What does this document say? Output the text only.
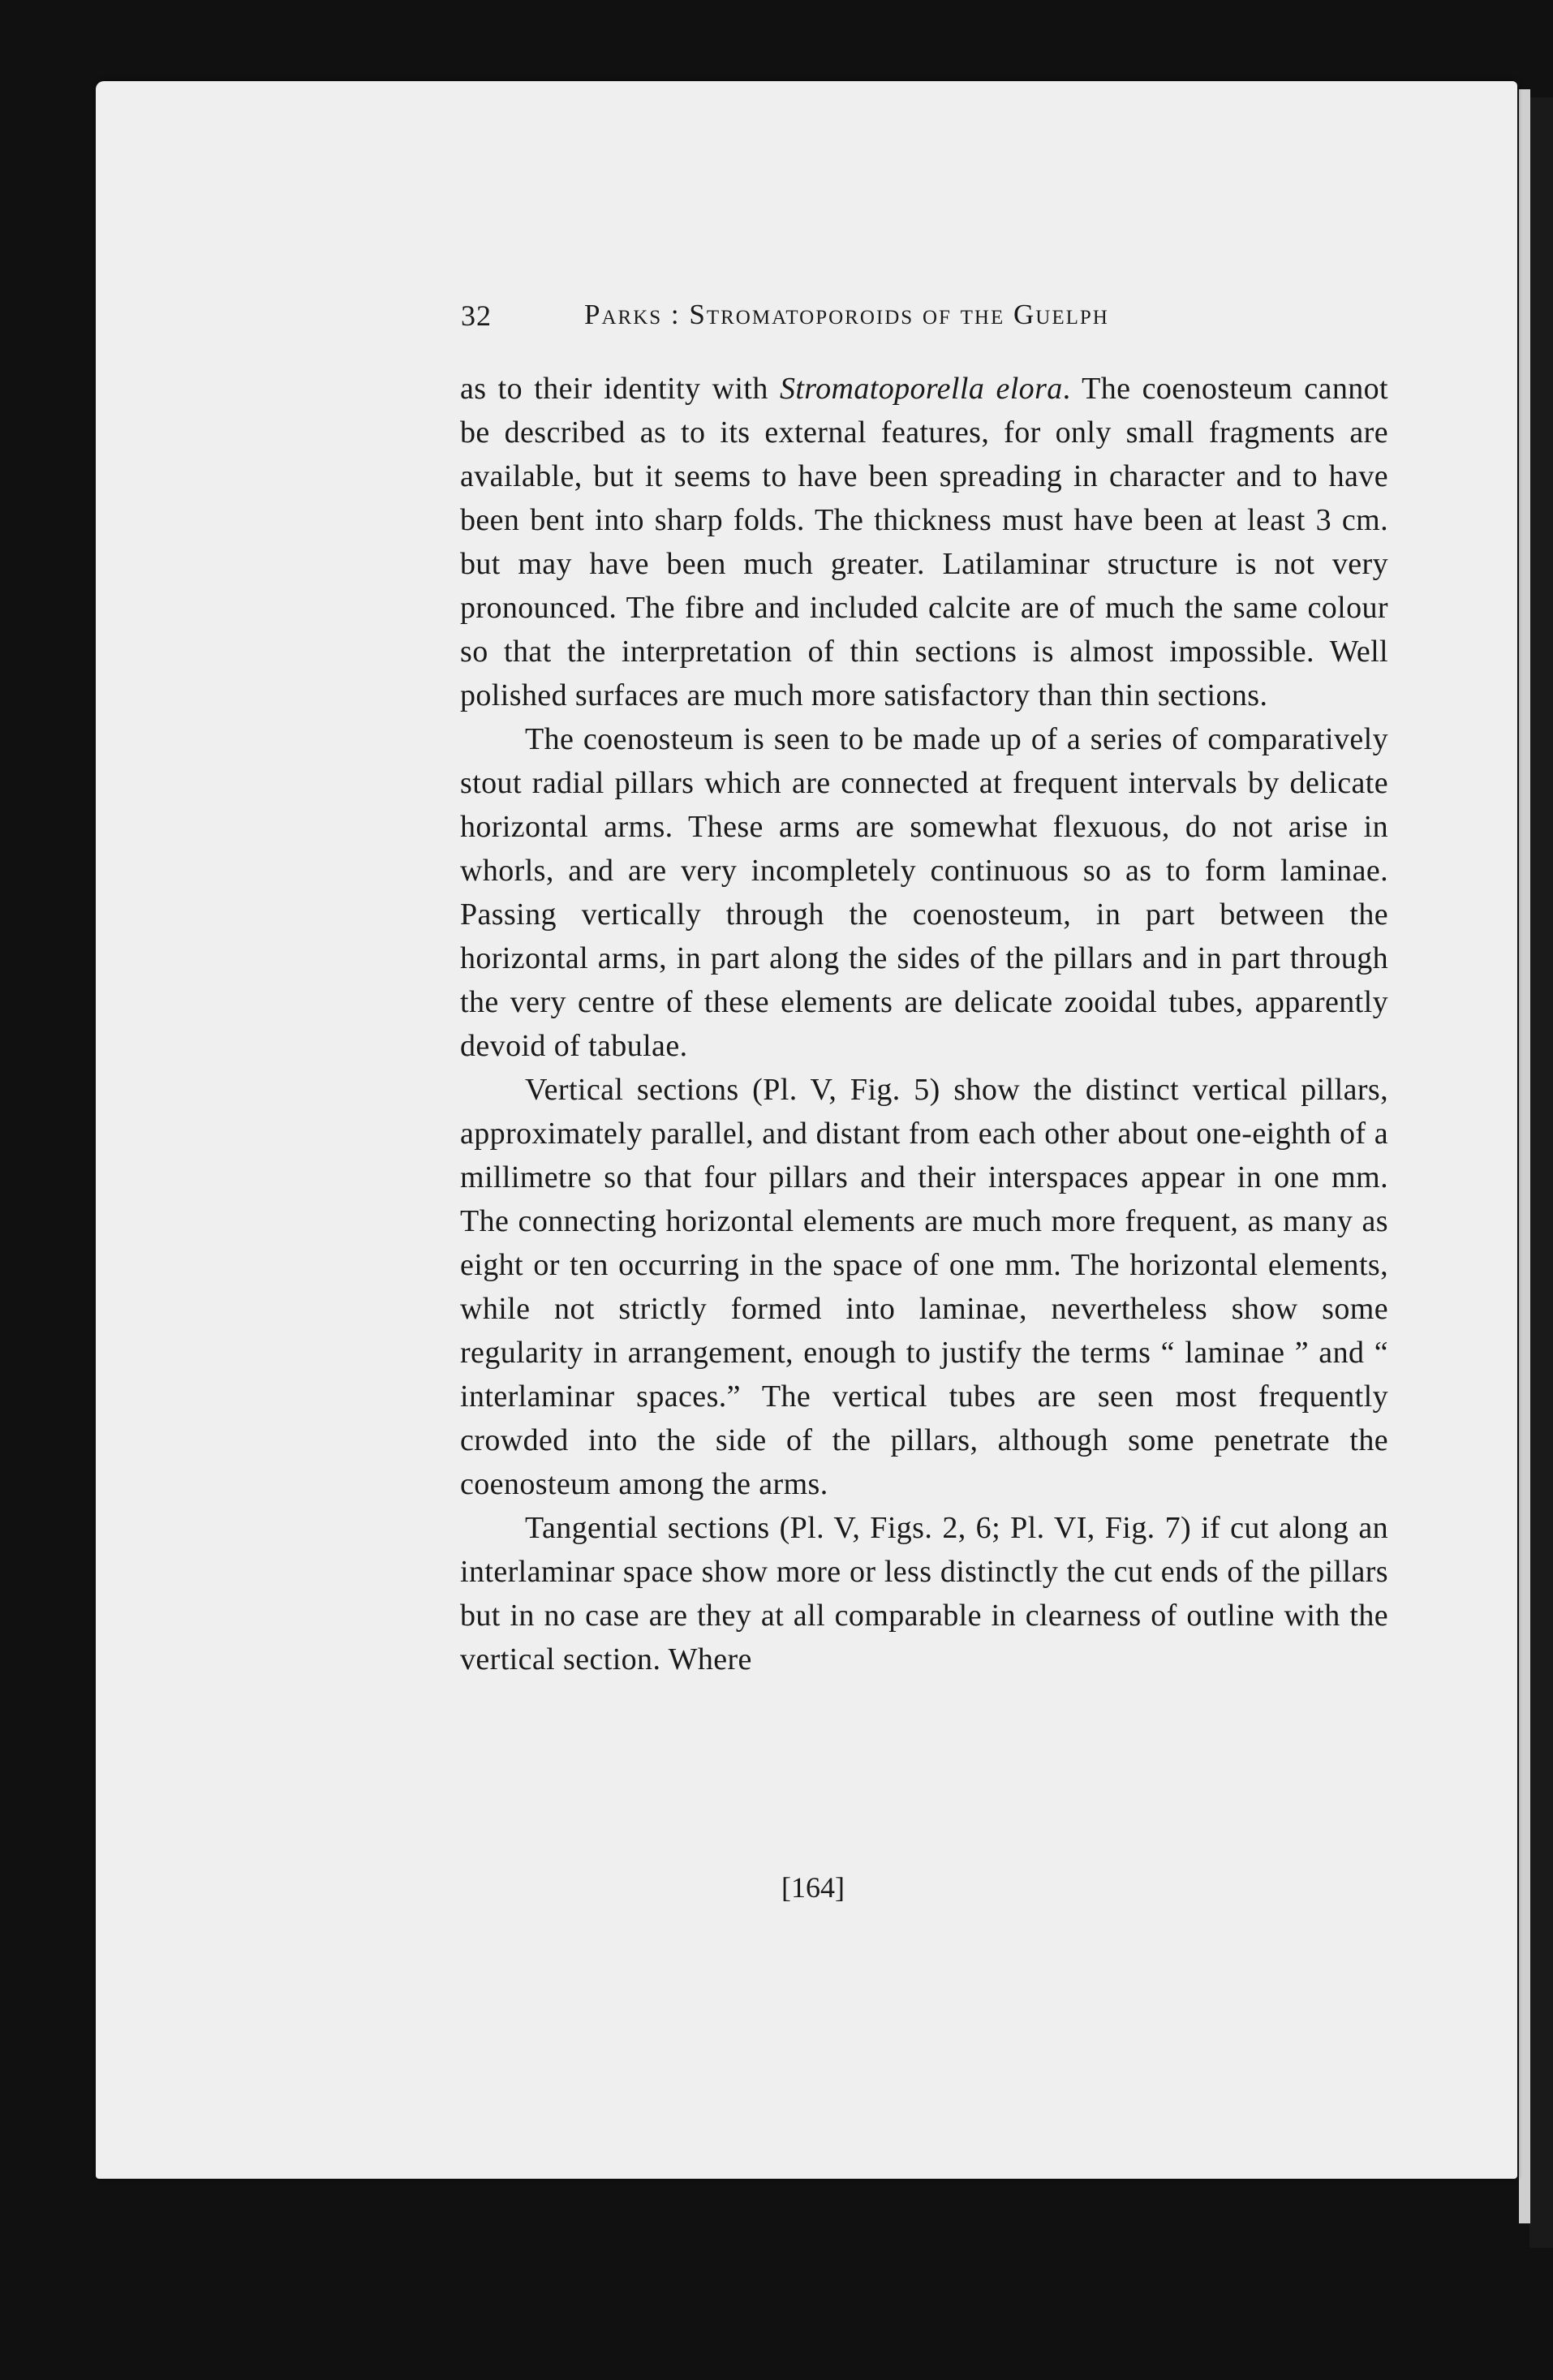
32	Parks : Stromatoporoids of the Guelph

as to their identity with Stromatoporella elora. The coenosteum cannot be described as to its external features, for only small fragments are available, but it seems to have been spreading in character and to have been bent into sharp folds. The thickness must have been at least 3 cm. but may have been much greater. Latilaminar structure is not very pronounced. The fibre and included calcite are of much the same colour so that the interpretation of thin sections is almost impossible. Well polished surfaces are much more satisfactory than thin sections.

The coenosteum is seen to be made up of a series of comparatively stout radial pillars which are connected at frequent intervals by delicate horizontal arms. These arms are somewhat flexuous, do not arise in whorls, and are very incompletely continuous so as to form laminae. Passing vertically through the coenosteum, in part between the horizontal arms, in part along the sides of the pillars and in part through the very centre of these elements are delicate zooidal tubes, apparently devoid of tabulae.

Vertical sections (Pl. V, Fig. 5) show the distinct vertical pillars, approximately parallel, and distant from each other about one-eighth of a millimetre so that four pillars and their interspaces appear in one mm. The connecting horizontal elements are much more frequent, as many as eight or ten occurring in the space of one mm. The horizontal elements, while not strictly formed into laminae, nevertheless show some regularity in arrangement, enough to justify the terms “ laminae ” and “ interlaminar spaces.” The vertical tubes are seen most frequently crowded into the side of the pillars, although some penetrate the coenosteum among the arms.

Tangential sections (Pl. V, Figs. 2, 6; Pl. VI, Fig. 7) if cut along an interlaminar space show more or less distinctly the cut ends of the pillars but in no case are they at all comparable in clearness of outline with the vertical section. Where

[164]
